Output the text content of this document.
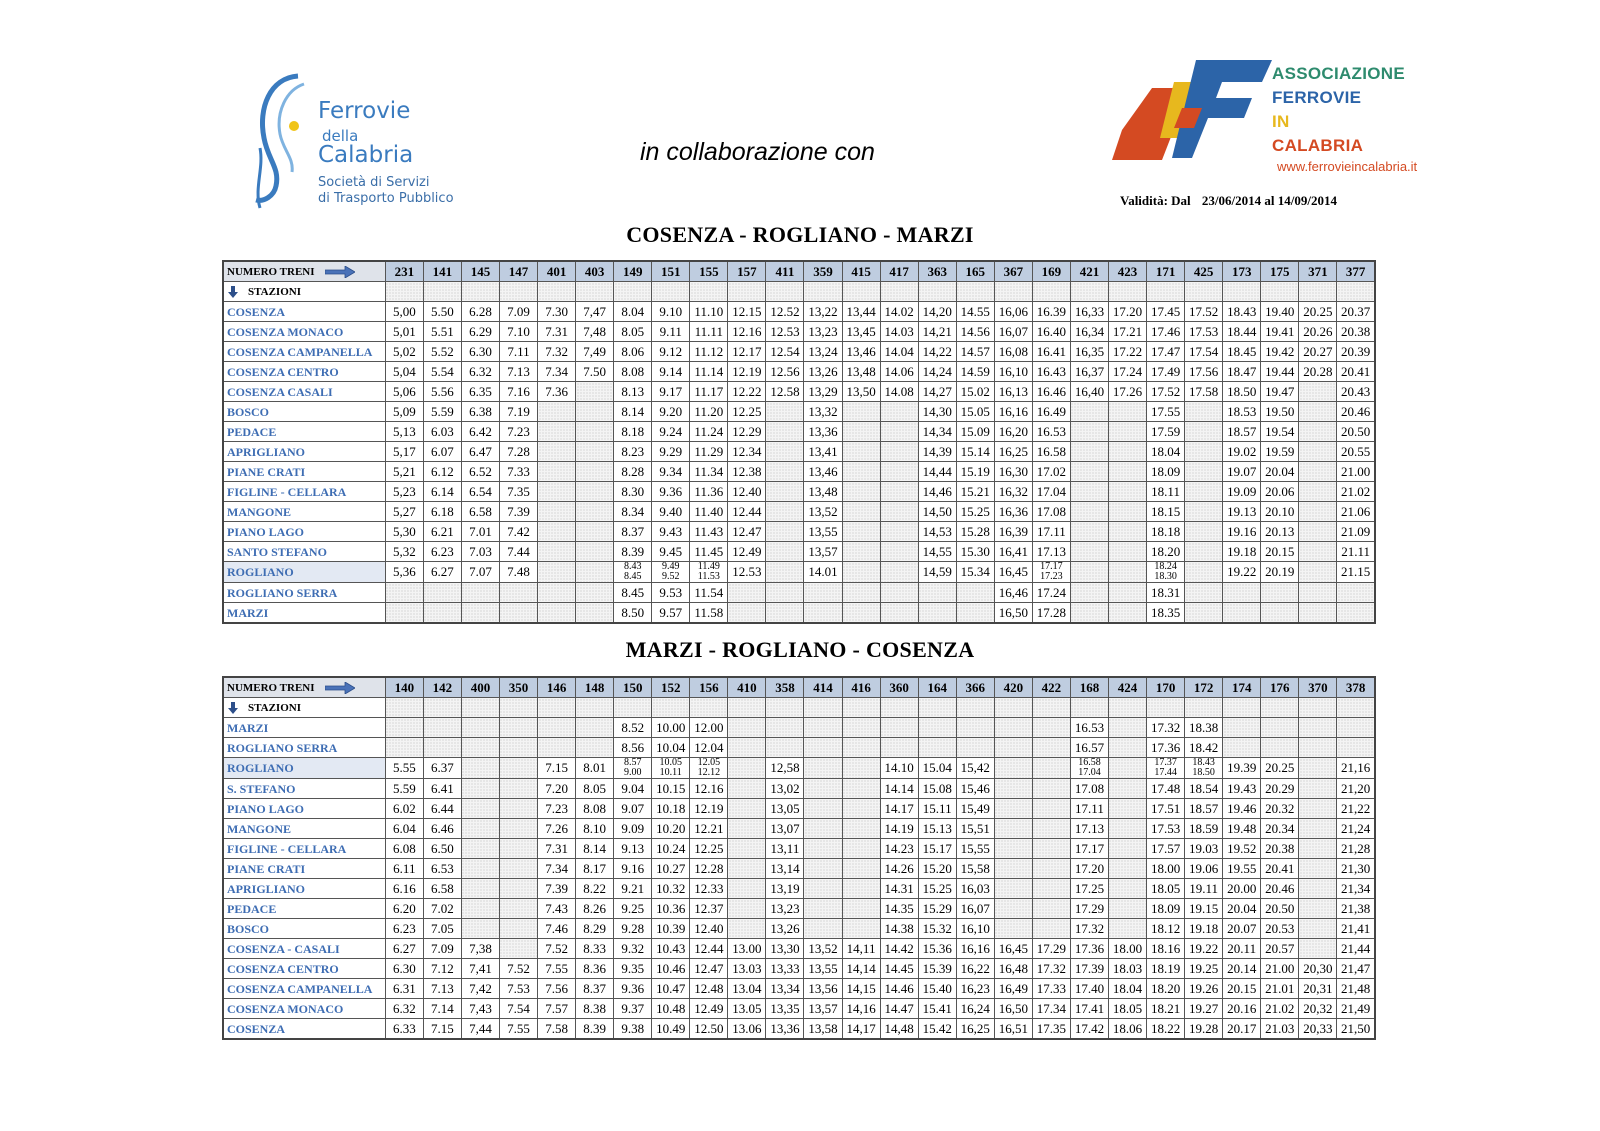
Ferrovie
della
Calabria
Società di Servizi
di Trasporto Pubblico
in collaborazione con
ASSOCIAZIONE
FERROVIE
IN
CALABRIA
www.ferrovieincalabria.it
Validità: Dal 23/06/2014 al 14/09/2014
COSENZA - ROGLIANO - MARZI
NUMERO TRENI	231	141	145	147	401	403	149	151	155	157	411	359	415	417	363	165	367	169	421	423	171	425	173	175	371	377
STAZIONI																										
COSENZA	5,00	5.50	6.28	7.09	7.30	7,47	8.04	9.10	11.10	12.15	12.52	13,22	13,44	14.02	14,20	14.55	16,06	16.39	16,33	17.20	17.45	17.52	18.43	19.40	20.25	20.37
COSENZA MONACO	5,01	5.51	6.29	7.10	7.31	7,48	8.05	9.11	11.11	12.16	12.53	13,23	13,45	14.03	14,21	14.56	16,07	16.40	16,34	17.21	17.46	17.53	18.44	19.41	20.26	20.38
COSENZA CAMPANELLA	5,02	5.52	6.30	7.11	7.32	7,49	8.06	9.12	11.12	12.17	12.54	13,24	13,46	14.04	14,22	14.57	16,08	16.41	16,35	17.22	17.47	17.54	18.45	19.42	20.27	20.39
COSENZA CENTRO	5,04	5.54	6.32	7.13	7.34	7.50	8.08	9.14	11.14	12.19	12.56	13,26	13,48	14.06	14,24	14.59	16,10	16.43	16,37	17.24	17.49	17.56	18.47	19.44	20.28	20.41
COSENZA CASALI	5,06	5.56	6.35	7.16	7.36		8.13	9.17	11.17	12.22	12.58	13,29	13,50	14.08	14,27	15.02	16,13	16.46	16,40	17.26	17.52	17.58	18.50	19.47		20.43
BOSCO	5,09	5.59	6.38	7.19			8.14	9.20	11.20	12.25		13,32			14,30	15.05	16,16	16.49			17.55		18.53	19.50		20.46
PEDACE	5,13	6.03	6.42	7.23			8.18	9.24	11.24	12.29		13,36			14,34	15.09	16,20	16.53			17.59		18.57	19.54		20.50
APRIGLIANO	5,17	6.07	6.47	7.28			8.23	9.29	11.29	12.34		13,41			14,39	15.14	16,25	16.58			18.04		19.02	19.59		20.55
PIANE CRATI	5,21	6.12	6.52	7.33			8.28	9.34	11.34	12.38		13,46			14,44	15.19	16,30	17.02			18.09		19.07	20.04		21.00
FIGLINE - CELLARA	5,23	6.14	6.54	7.35			8.30	9.36	11.36	12.40		13,48			14,46	15.21	16,32	17.04			18.11		19.09	20.06		21.02
MANGONE	5,27	6.18	6.58	7.39			8.34	9.40	11.40	12.44		13,52			14,50	15.25	16,36	17.08			18.15		19.13	20.10		21.06
PIANO LAGO	5,30	6.21	7.01	7.42			8.37	9.43	11.43	12.47		13,55			14,53	15.28	16,39	17.11			18.18		19.16	20.13		21.09
SANTO STEFANO	5,32	6.23	7.03	7.44			8.39	9.45	11.45	12.49		13,57			14,55	15.30	16,41	17.13			18.20		19.18	20.15		21.11
ROGLIANO	5,36	6.27	7.07	7.48			8.43 8.45	9.49 9.52	11.49 11.53	12.53		14.01			14,59	15.34	16,45	17.17 17.23			18.24 18.30		19.22	20.19		21.15
ROGLIANO SERRA							8.45	9.53	11.54								16,46	17.24			18.31					
MARZI							8.50	9.57	11.58								16,50	17.28			18.35					
MARZI - ROGLIANO - COSENZA
NUMERO TRENI	140	142	400	350	146	148	150	152	156	410	358	414	416	360	164	366	420	422	168	424	170	172	174	176	370	378
STAZIONI																										
MARZI							8.52	10.00	12.00										16.53		17.32	18.38				
ROGLIANO SERRA							8.56	10.04	12.04										16.57		17.36	18.42				
ROGLIANO	5.55	6.37			7.15	8.01	8.57 9.00	10.05 10.11	12.05 12.12		12,58			14.10	15.04	15,42			16.58 17.04		17.37 17.44	18.43 18.50	19.39	20.25		21,16
S. STEFANO	5.59	6.41			7.20	8.05	9.04	10.15	12.16		13,02			14.14	15.08	15,46			17.08		17.48	18.54	19.43	20.29		21,20
PIANO LAGO	6.02	6.44			7.23	8.08	9.07	10.18	12.19		13,05			14.17	15.11	15,49			17.11		17.51	18.57	19.46	20.32		21,22
MANGONE	6.04	6.46			7.26	8.10	9.09	10.20	12.21		13,07			14.19	15.13	15,51			17.13		17.53	18.59	19.48	20.34		21,24
FIGLINE - CELLARA	6.08	6.50			7.31	8.14	9.13	10.24	12.25		13,11			14.23	15.17	15,55			17.17		17.57	19.03	19.52	20.38		21,28
PIANE CRATI	6.11	6.53			7.34	8.17	9.16	10.27	12.28		13,14			14.26	15.20	15,58			17.20		18.00	19.06	19.55	20.41		21,30
APRIGLIANO	6.16	6.58			7.39	8.22	9.21	10.32	12.33		13,19			14.31	15.25	16,03			17.25		18.05	19.11	20.00	20.46		21,34
PEDACE	6.20	7.02			7.43	8.26	9.25	10.36	12.37		13,23			14.35	15.29	16,07			17.29		18.09	19.15	20.04	20.50		21,38
BOSCO	6.23	7.05			7.46	8.29	9.28	10.39	12.40		13,26			14.38	15.32	16,10			17.32		18.12	19.18	20.07	20.53		21,41
COSENZA - CASALI	6.27	7.09	7,38		7.52	8.33	9.32	10.43	12.44	13.00	13,30	13,52	14,11	14.42	15.36	16,16	16,45	17.29	17.36	18.00	18.16	19.22	20.11	20.57		21,44
COSENZA CENTRO	6.30	7.12	7,41	7.52	7.55	8.36	9.35	10.46	12.47	13.03	13,33	13,55	14,14	14.45	15.39	16,22	16,48	17.32	17.39	18.03	18.19	19.25	20.14	21.00	20,30	21,47
COSENZA CAMPANELLA	6.31	7.13	7,42	7.53	7.56	8.37	9.36	10.47	12.48	13.04	13,34	13,56	14,15	14.46	15.40	16,23	16,49	17.33	17.40	18.04	18.20	19.26	20.15	21.01	20,31	21,48
COSENZA MONACO	6.32	7.14	7,43	7.54	7.57	8.38	9.37	10.48	12.49	13.05	13,35	13,57	14,16	14.47	15.41	16,24	16,50	17.34	17.41	18.05	18.21	19.27	20.16	21.02	20,32	21,49
COSENZA	6.33	7.15	7,44	7.55	7.58	8.39	9.38	10.49	12.50	13.06	13,36	13,58	14,17	14,48	15.42	16,25	16,51	17.35	17.42	18.06	18.22	19.28	20.17	21.03	20,33	21,50
